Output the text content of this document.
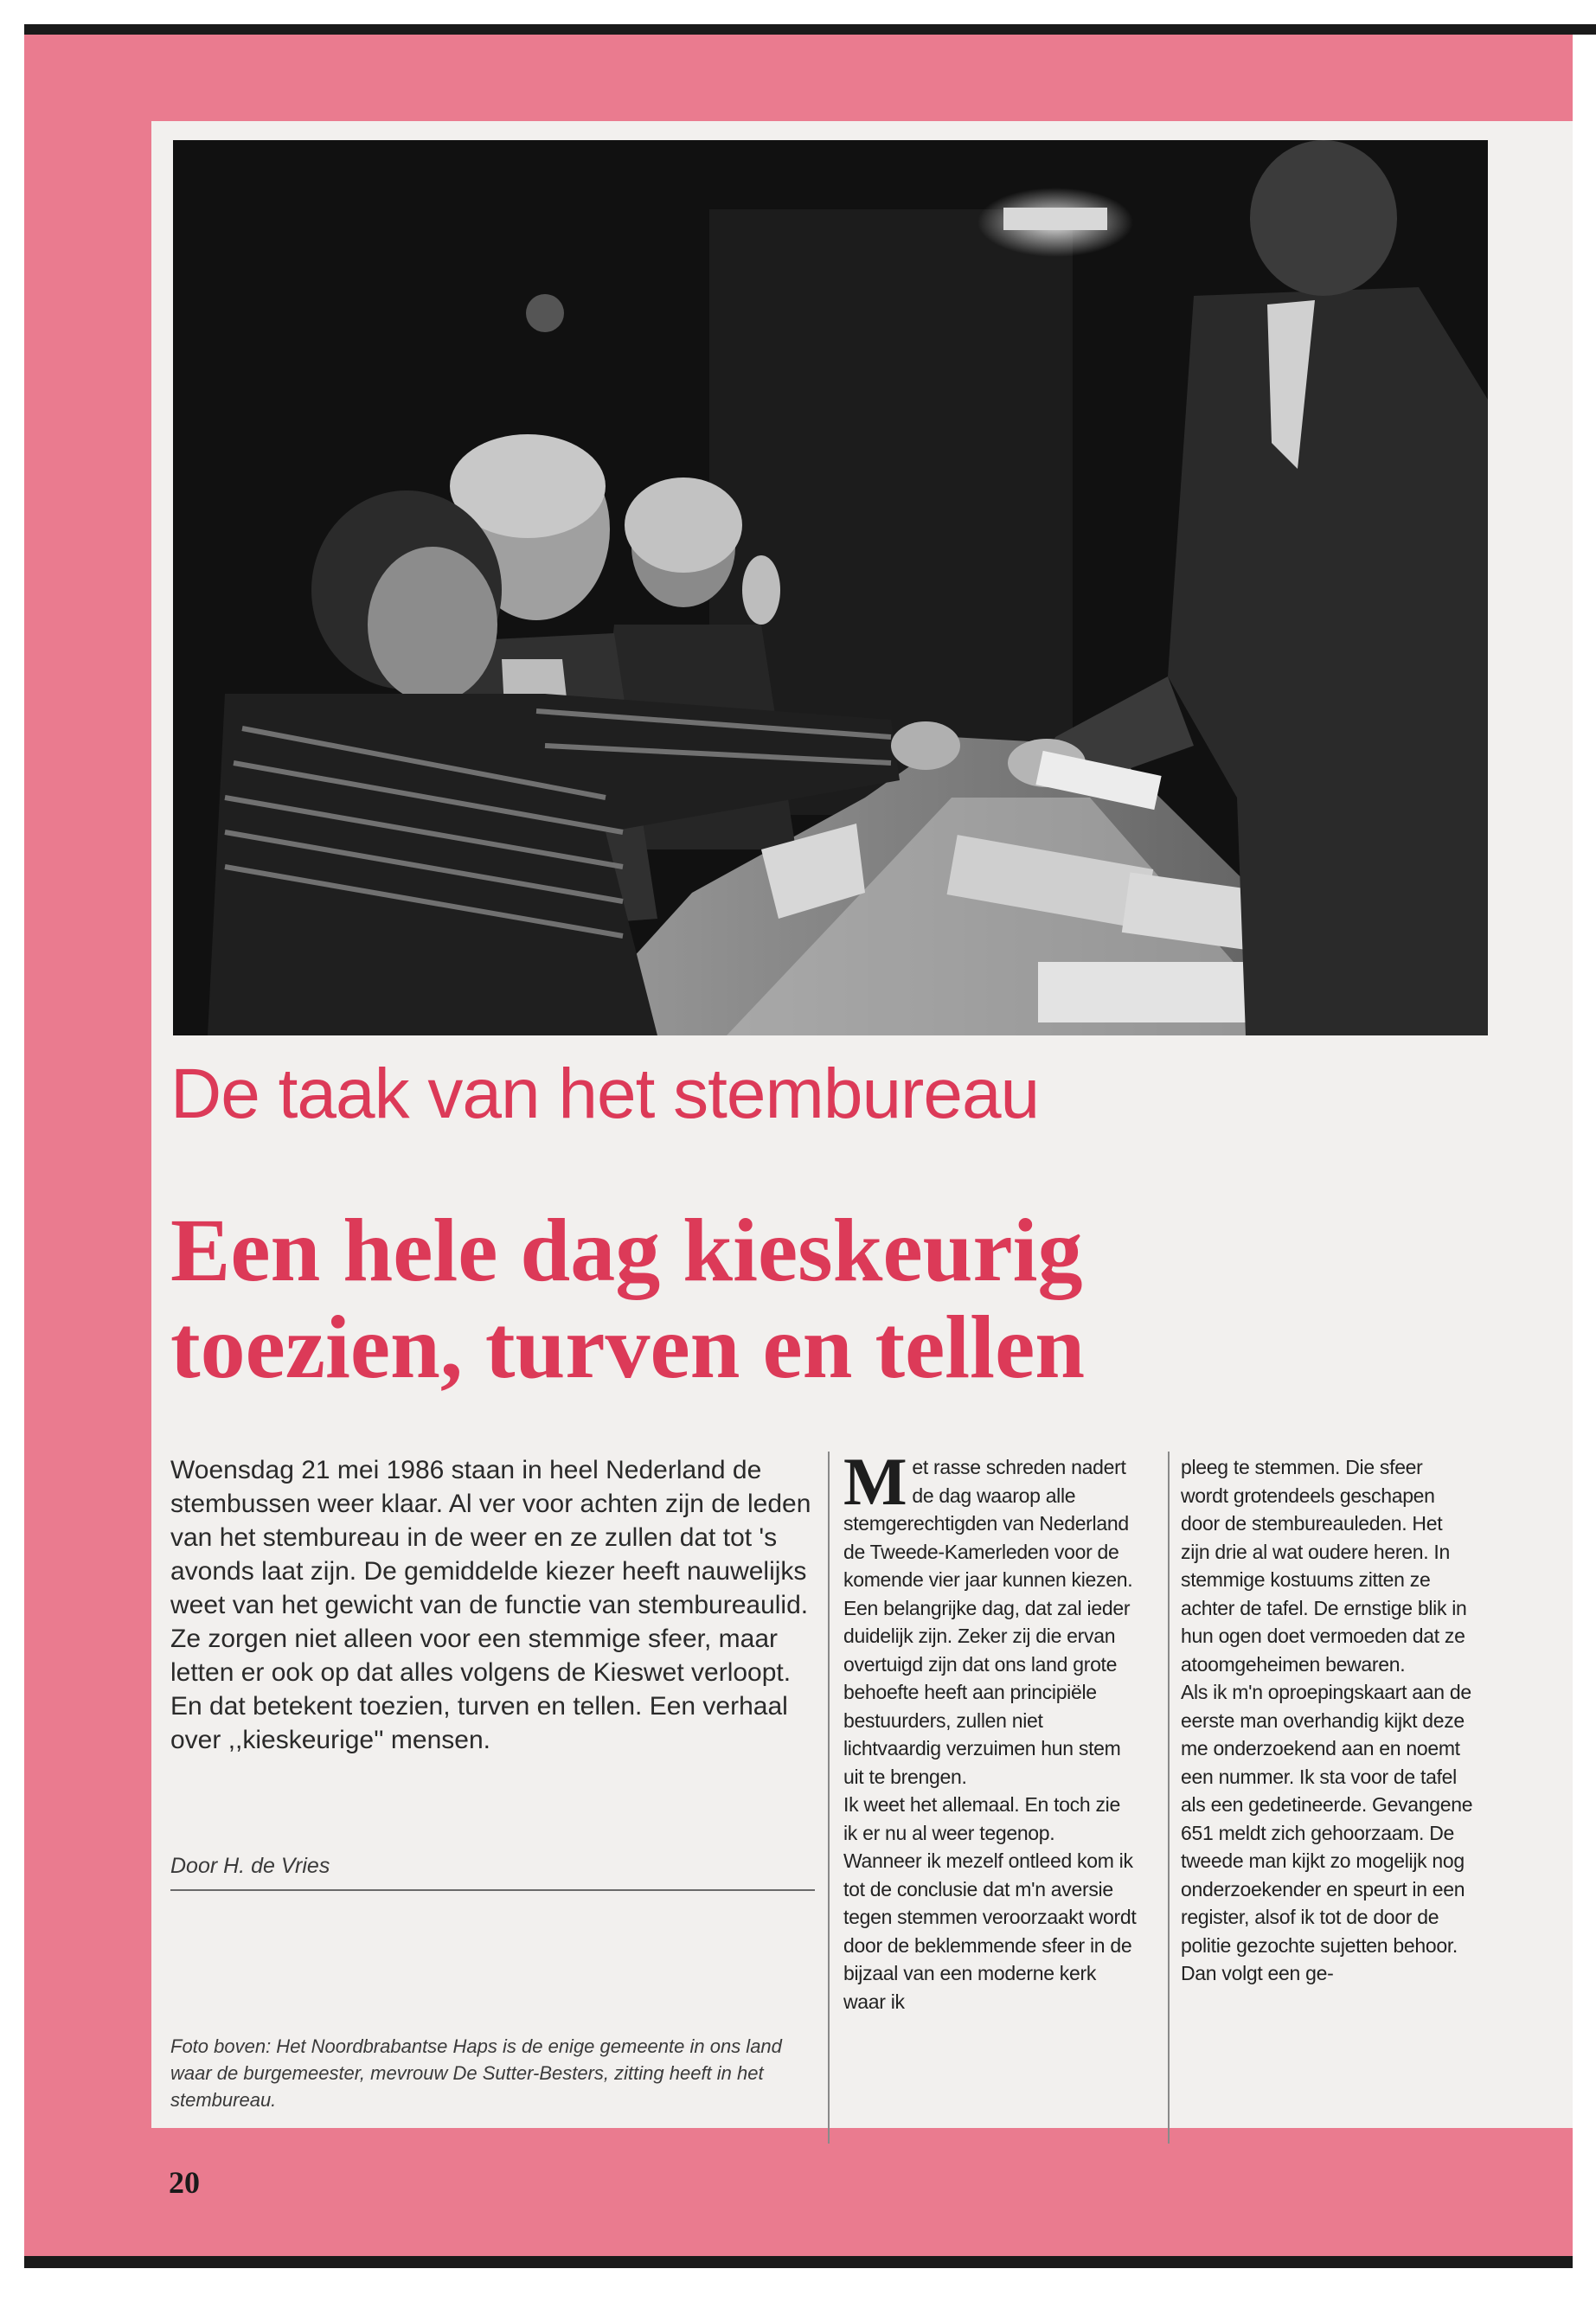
De taak van het stembureau
Een hele dag kieskeurig
toezien, turven en tellen

Woensdag 21 mei 1986 staan in heel Nederland de stembussen weer klaar. Al ver voor achten zijn de leden van het stembureau in de weer en ze zullen dat tot 's avonds laat zijn. De gemiddelde kiezer heeft nauwelijks weet van het gewicht van de functie van stembureaulid. Ze zorgen niet alleen voor een stemmige sfeer, maar letten er ook op dat alles volgens de Kieswet verloopt. En dat betekent toezien, turven en tellen. Een verhaal over ,,kieskeurige'' mensen.

Door H. de Vries

Foto boven: Het Noordbrabantse Haps is de enige gemeente in ons land waar de burgemeester, mevrouw De Sutter-Besters, zitting heeft in het stembureau.

Met rasse schreden nadert de dag waarop alle stemgerechtigden van Nederland de Tweede-Kamerleden voor de komende vier jaar kunnen kiezen. Een belangrijke dag, dat zal ieder duidelijk zijn. Zeker zij die ervan overtuigd zijn dat ons land grote behoefte heeft aan principiële bestuurders, zullen niet lichtvaardig verzuimen hun stem uit te brengen.
Ik weet het allemaal. En toch zie ik er nu al weer tegenop. Wanneer ik mezelf ontleed kom ik tot de conclusie dat m'n aversie tegen stemmen veroorzaakt wordt door de beklemmende sfeer in de bijzaal van een moderne kerk waar ik
pleeg te stemmen. Die sfeer wordt grotendeels geschapen door de stembureauleden. Het zijn drie al wat oudere heren. In stemmige kostuums zitten ze achter de tafel. De ernstige blik in hun ogen doet vermoeden dat ze atoomgeheimen bewaren.
Als ik m'n oproepingskaart aan de eerste man overhandig kijkt deze me onderzoekend aan en noemt een nummer. Ik sta voor de tafel als een gedetineerde. Gevangene 651 meldt zich gehoorzaam. De tweede man kijkt zo mogelijk nog onderzoekender en speurt in een register, alsof ik tot de door de politie gezochte sujetten behoor. Dan volgt een ge-

20
